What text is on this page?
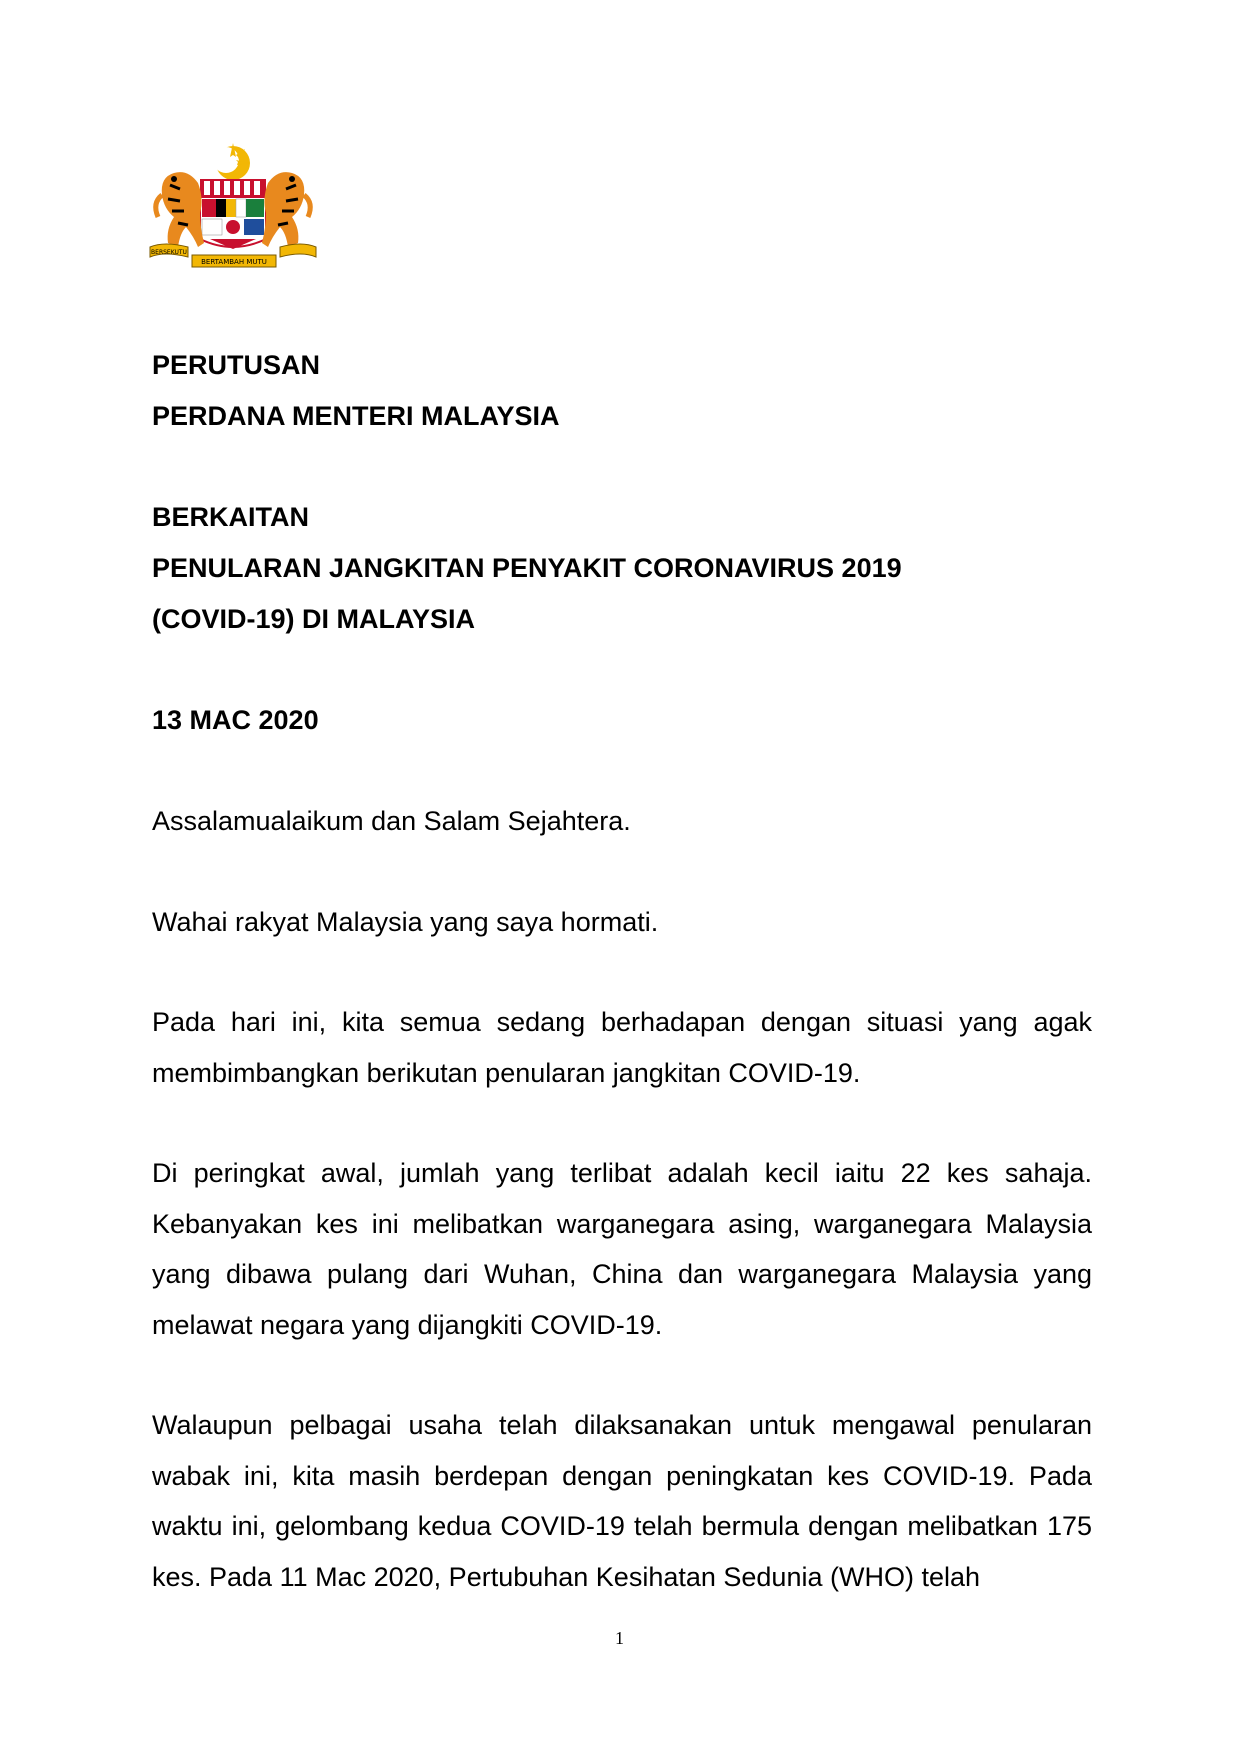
BERSEKUTU
BERTAMBAH MUTU

PERUTUSAN

PERDANA MENTERI MALAYSIA

BERKAITAN

PENULARAN JANGKITAN PENYAKIT CORONAVIRUS 2019

(COVID-19) DI MALAYSIA

13 MAC 2020

Assalamualaikum dan Salam Sejahtera.

Wahai rakyat Malaysia yang saya hormati.

Pada hari ini, kita semua sedang berhadapan dengan situasi yang agak membimbangkan berikutan penularan jangkitan COVID-19.

Di peringkat awal, jumlah yang terlibat adalah kecil iaitu 22 kes sahaja. Kebanyakan kes ini melibatkan warganegara asing, warganegara Malaysia yang dibawa pulang dari Wuhan, China dan warganegara Malaysia yang melawat negara yang dijangkiti COVID-19.

Walaupun pelbagai usaha telah dilaksanakan untuk mengawal penularan wabak ini, kita masih berdepan dengan peningkatan kes COVID-19. Pada waktu ini, gelombang kedua COVID-19 telah bermula dengan melibatkan 175 kes. Pada 11 Mac 2020, Pertubuhan Kesihatan Sedunia (WHO) telah

1
